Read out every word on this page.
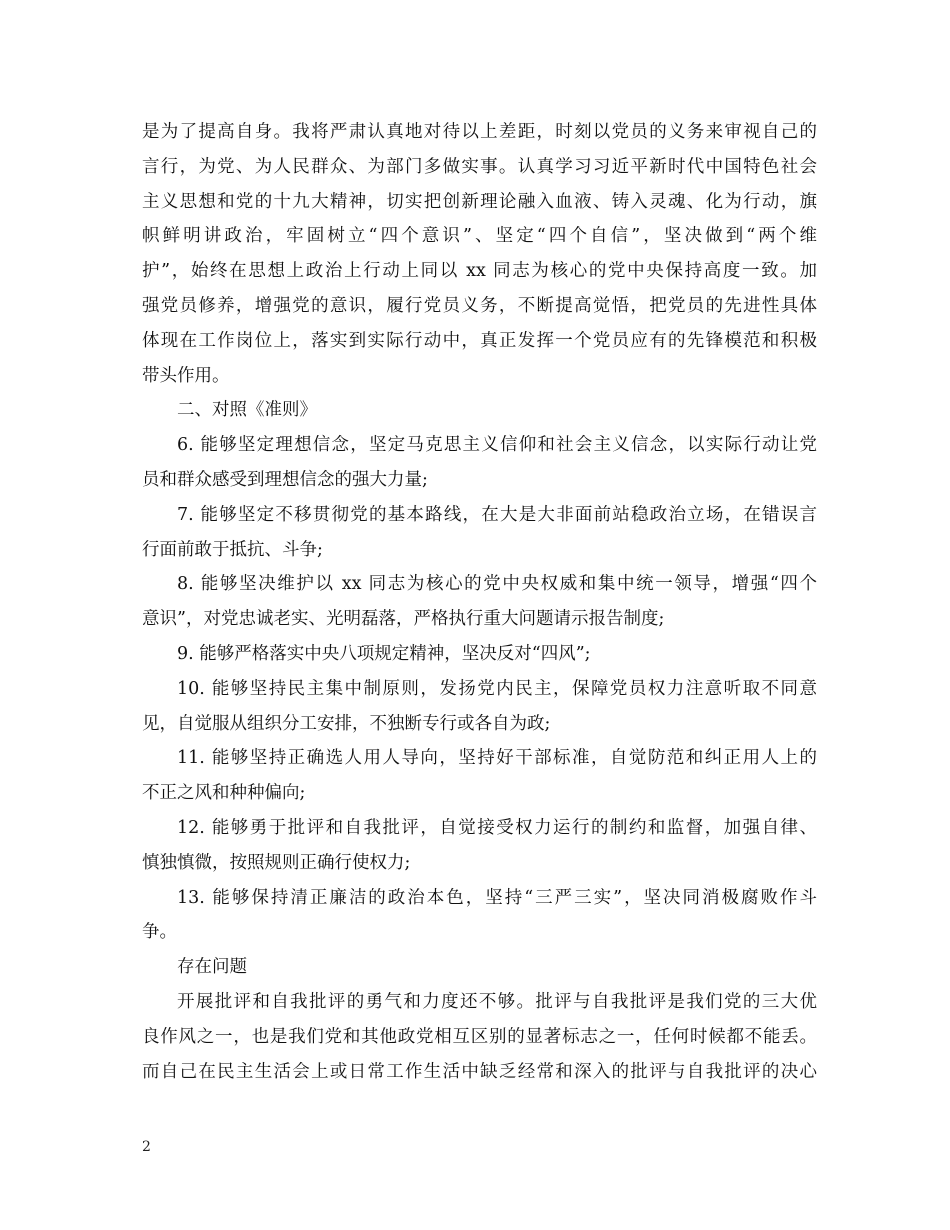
是为了提高自身。我将严肃认真地对待以上差距，时刻以党员的义务来审视自己的
言行，为党、为人民群众、为部门多做实事。认真学习习近平新时代中国特色社会
主义思想和党的十九大精神，切实把创新理论融入血液、铸入灵魂、化为行动，旗
帜鲜明讲政治，牢固树立“四个意识”、坚定“四个自信”，坚决做到“两个维
护”，始终在思想上政治上行动上同以 xx 同志为核心的党中央保持高度一致。加
强党员修养，增强党的意识，履行党员义务，不断提高觉悟，把党员的先进性具体
体现在工作岗位上，落实到实际行动中，真正发挥一个党员应有的先锋模范和积极
带头作用。
二、对照《准则》
6. 能够坚定理想信念，坚定马克思主义信仰和社会主义信念，以实际行动让党
员和群众感受到理想信念的强大力量;
7. 能够坚定不移贯彻党的基本路线，在大是大非面前站稳政治立场，在错误言
行面前敢于抵抗、斗争;
8. 能够坚决维护以 xx 同志为核心的党中央权威和集中统一领导，增强“四个
意识”，对党忠诚老实、光明磊落，严格执行重大问题请示报告制度;
9. 能够严格落实中央八项规定精神，坚决反对“四风”;
10. 能够坚持民主集中制原则，发扬党内民主，保障党员权力注意听取不同意
见，自觉服从组织分工安排，不独断专行或各自为政;
11. 能够坚持正确选人用人导向，坚持好干部标准，自觉防范和纠正用人上的
不正之风和种种偏向;
12. 能够勇于批评和自我批评，自觉接受权力运行的制约和监督，加强自律、
慎独慎微，按照规则正确行使权力;
13. 能够保持清正廉洁的政治本色，坚持“三严三实”，坚决同消极腐败作斗
争。
存在问题
开展批评和自我批评的勇气和力度还不够。批评与自我批评是我们党的三大优
良作风之一，也是我们党和其他政党相互区别的显著标志之一，任何时候都不能丢。
而自己在民主生活会上或日常工作生活中缺乏经常和深入的批评与自我批评的决心
2
